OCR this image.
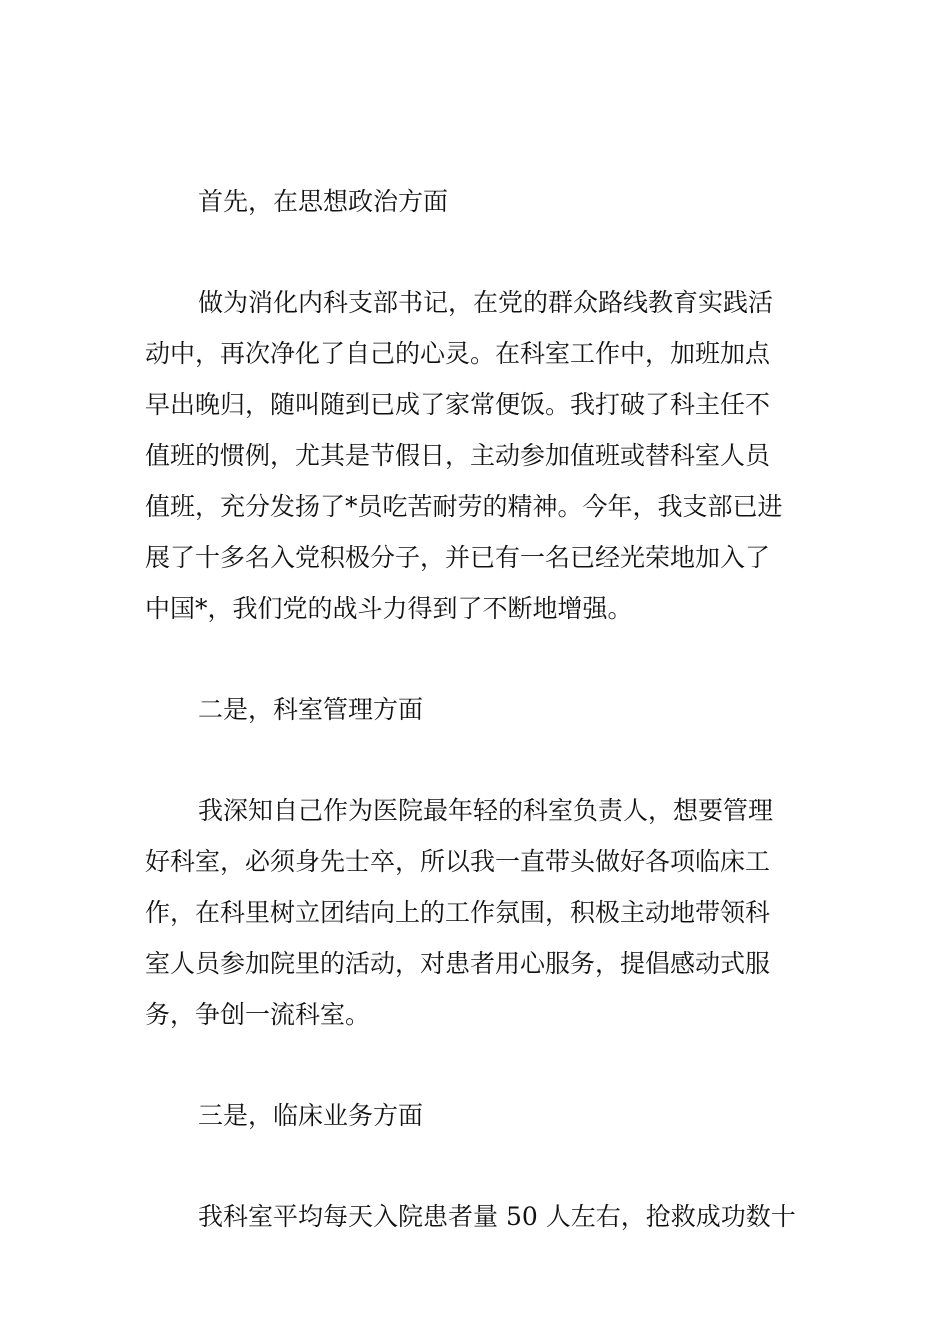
首先，在思想政治方面
做为消化内科支部书记，在党的群众路线教育实践活
动中，再次净化了自己的心灵。在科室工作中，加班加点
早出晚归，随叫随到已成了家常便饭。我打破了科主任不
值班的惯例，尤其是节假日，主动参加值班或替科室人员
值班，充分发扬了*员吃苦耐劳的精神。今年，我支部已进
展了十多名入党积极分子，并已有一名已经光荣地加入了
中国*，我们党的战斗力得到了不断地增强。
二是，科室管理方面
我深知自己作为医院最年轻的科室负责人，想要管理
好科室，必须身先士卒，所以我一直带头做好各项临床工
作，在科里树立团结向上的工作氛围，积极主动地带领科
室人员参加院里的活动，对患者用心服务，提倡感动式服
务，争创一流科室。
三是，临床业务方面
我科室平均每天入院患者量 50 人左右，抢救成功数十
